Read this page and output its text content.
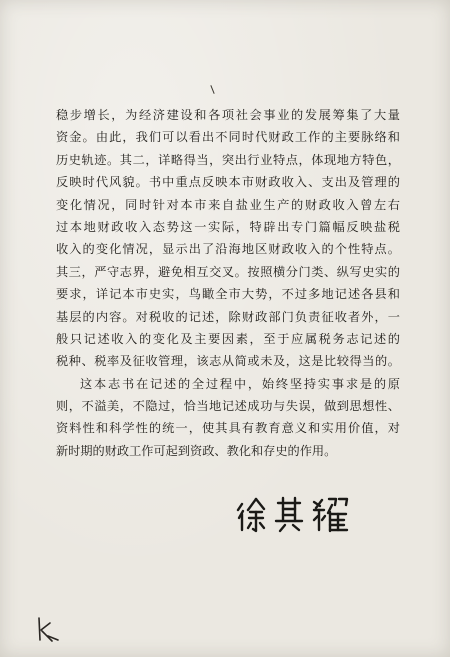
稳步增长，为经济建设和各项社会事业的发展筹集了大量
资金。由此，我们可以看出不同时代财政工作的主要脉络和
历史轨迹。其二，详略得当，突出行业特点，体现地方特色，
反映时代风貌。书中重点反映本市财政收入、支出及管理的
变化情况，同时针对本市来自盐业生产的财政收入曾左右
过本地财政收入态势这一实际，特辟出专门篇幅反映盐税
收入的变化情况，显示出了沿海地区财政收入的个性特点。
其三，严守志界，避免相互交叉。按照横分门类、纵写史实的
要求，详记本市史实，鸟瞰全市大势，不过多地记述各县和
基层的内容。对税收的记述，除财政部门负责征收者外，一
般只记述收入的变化及主要因素，至于应属税务志记述的
税种、税率及征收管理，该志从简或未及，这是比较得当的。
这本志书在记述的全过程中，始终坚持实事求是的原
则，不溢美，不隐过，恰当地记述成功与失误，做到思想性、
资料性和科学性的统一，使其具有教育意义和实用价值，对
新时期的财政工作可起到资政、教化和存史的作用。
